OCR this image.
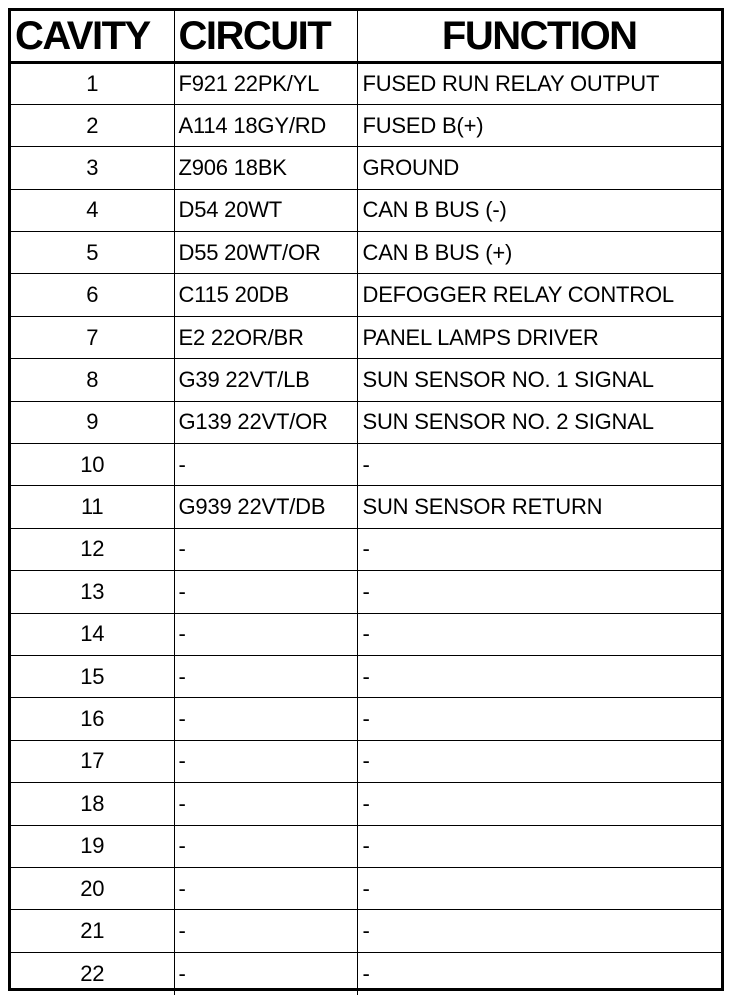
CAVITY	CIRCUIT	FUNCTION
1	F921 22PK/YL	FUSED RUN RELAY OUTPUT
2	A114 18GY/RD	FUSED B(+)
3	Z906 18BK	GROUND
4	D54 20WT	CAN B BUS (-)
5	D55 20WT/OR	CAN B BUS (+)
6	C115 20DB	DEFOGGER RELAY CONTROL
7	E2 22OR/BR	PANEL LAMPS DRIVER
8	G39 22VT/LB	SUN SENSOR NO. 1 SIGNAL
9	G139 22VT/OR	SUN SENSOR NO. 2 SIGNAL
10	-	-
11	G939 22VT/DB	SUN SENSOR RETURN
12	-	-
13	-	-
14	-	-
15	-	-
16	-	-
17	-	-
18	-	-
19	-	-
20	-	-
21	-	-
22	-	-
